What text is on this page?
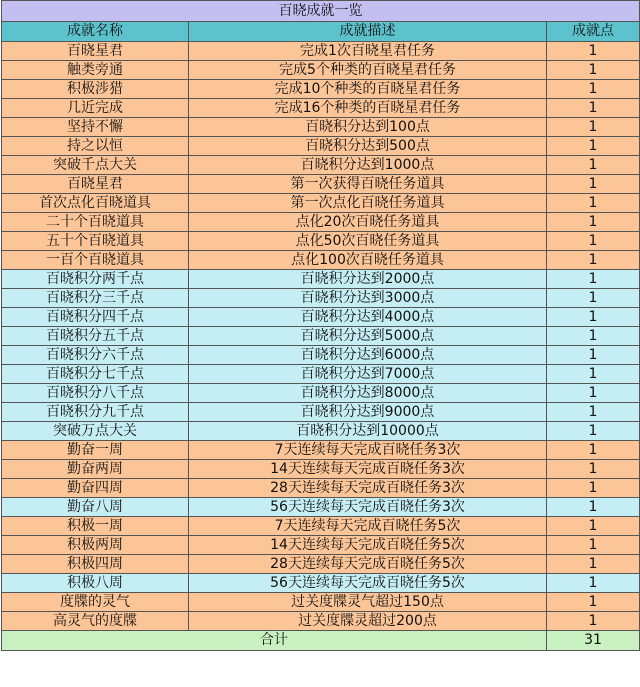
百晓成就一览		
成就名称	成就描述	成就点
百晓星君	完成1次百晓星君任务	1
触类旁通	完成5个种类的百晓星君任务	1
积极涉猎	完成10个种类的百晓星君任务	1
几近完成	完成16个种类的百晓星君任务	1
坚持不懈	百晓积分达到100点	1
持之以恒	百晓积分达到500点	1
突破千点大关	百晓积分达到1000点	1
百晓星君	第一次获得百晓任务道具	1
首次点化百晓道具	第一次点化百晓任务道具	1
二十个百晓道具	点化20次百晓任务道具	1
五十个百晓道具	点化50次百晓任务道具	1
一百个百晓道具	点化100次百晓任务道具	1
百晓积分两千点	百晓积分达到2000点	1
百晓积分三千点	百晓积分达到3000点	1
百晓积分四千点	百晓积分达到4000点	1
百晓积分五千点	百晓积分达到5000点	1
百晓积分六千点	百晓积分达到6000点	1
百晓积分七千点	百晓积分达到7000点	1
百晓积分八千点	百晓积分达到8000点	1
百晓积分九千点	百晓积分达到9000点	1
突破万点大关	百晓积分达到10000点	1
勤奋一周	7天连续每天完成百晓任务3次	1
勤奋两周	14天连续每天完成百晓任务3次	1
勤奋四周	28天连续每天完成百晓任务3次	1
勤奋八周	56天连续每天完成百晓任务3次	1
积极一周	7天连续每天完成百晓任务5次	1
积极两周	14天连续每天完成百晓任务5次	1
积极四周	28天连续每天完成百晓任务5次	1
积极八周	56天连续每天完成百晓任务5次	1
度牒的灵气	过关度牒灵气超过150点	1
高灵气的度牒	过关度牒灵超过200点	1
合计		31
